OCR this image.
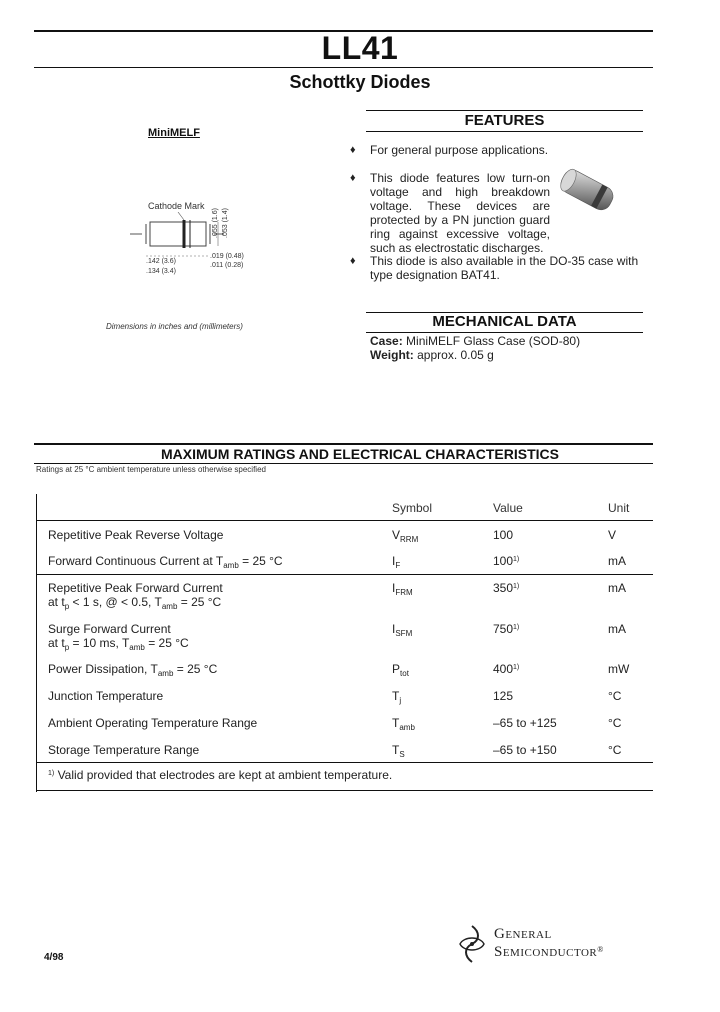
LL41
Schottky Diodes
MiniMELF
Cathode Mark
.142 (3.6)
.134 (3.4)
.019 (0.48)
.011 (0.28)
.055 (1.6) .053 (1.4)
Dimensions in inches and (millimeters)
FEATURES
♦ For general purpose applications.
♦ This diode features low turn-on voltage and high breakdown voltage. These devices are protected by a PN junction guard ring against excessive voltage, such as electrostatic discharges.
♦ This diode is also available in the DO-35 case with type designation BAT41.
MECHANICAL DATA
Case: MiniMELF Glass Case (SOD-80)
Weight: approx. 0.05 g
MAXIMUM RATINGS AND ELECTRICAL CHARACTERISTICS
Ratings at 25 °C ambient temperature unless otherwise specified
Symbol	Value	Unit
Repetitive Peak Reverse Voltage	$V_{RRM}$	100	V
Forward Continuous Current at $T_{amb} = 25$ °C	$I_F$	100$^{1)}$	mA
Repetitive Peak Forward Current
at $t_p < 1$ s, @ < 0.5, $T_{amb} = 25$ °C
$I_{FRM}$	350$^{1)}$	mA
Surge Forward Current
at $t_p = 10$ ms, $T_{amb} = 25$ °C
$I_{SFM}$	750$^{1)}$	mA
Power Dissipation, $T_{amb} = 25$ °C	$P_{tot}$	400$^{1)}$	mW
Junction Temperature	$T_j$	125	°C
Ambient Operating Temperature Range	$T_{amb}$	–65 to +125	°C
Storage Temperature Range	$T_S$	–65 to +150	°C
$^{1)}$ Valid provided that electrodes are kept at ambient temperature.
4/98
General
Semiconductor®
